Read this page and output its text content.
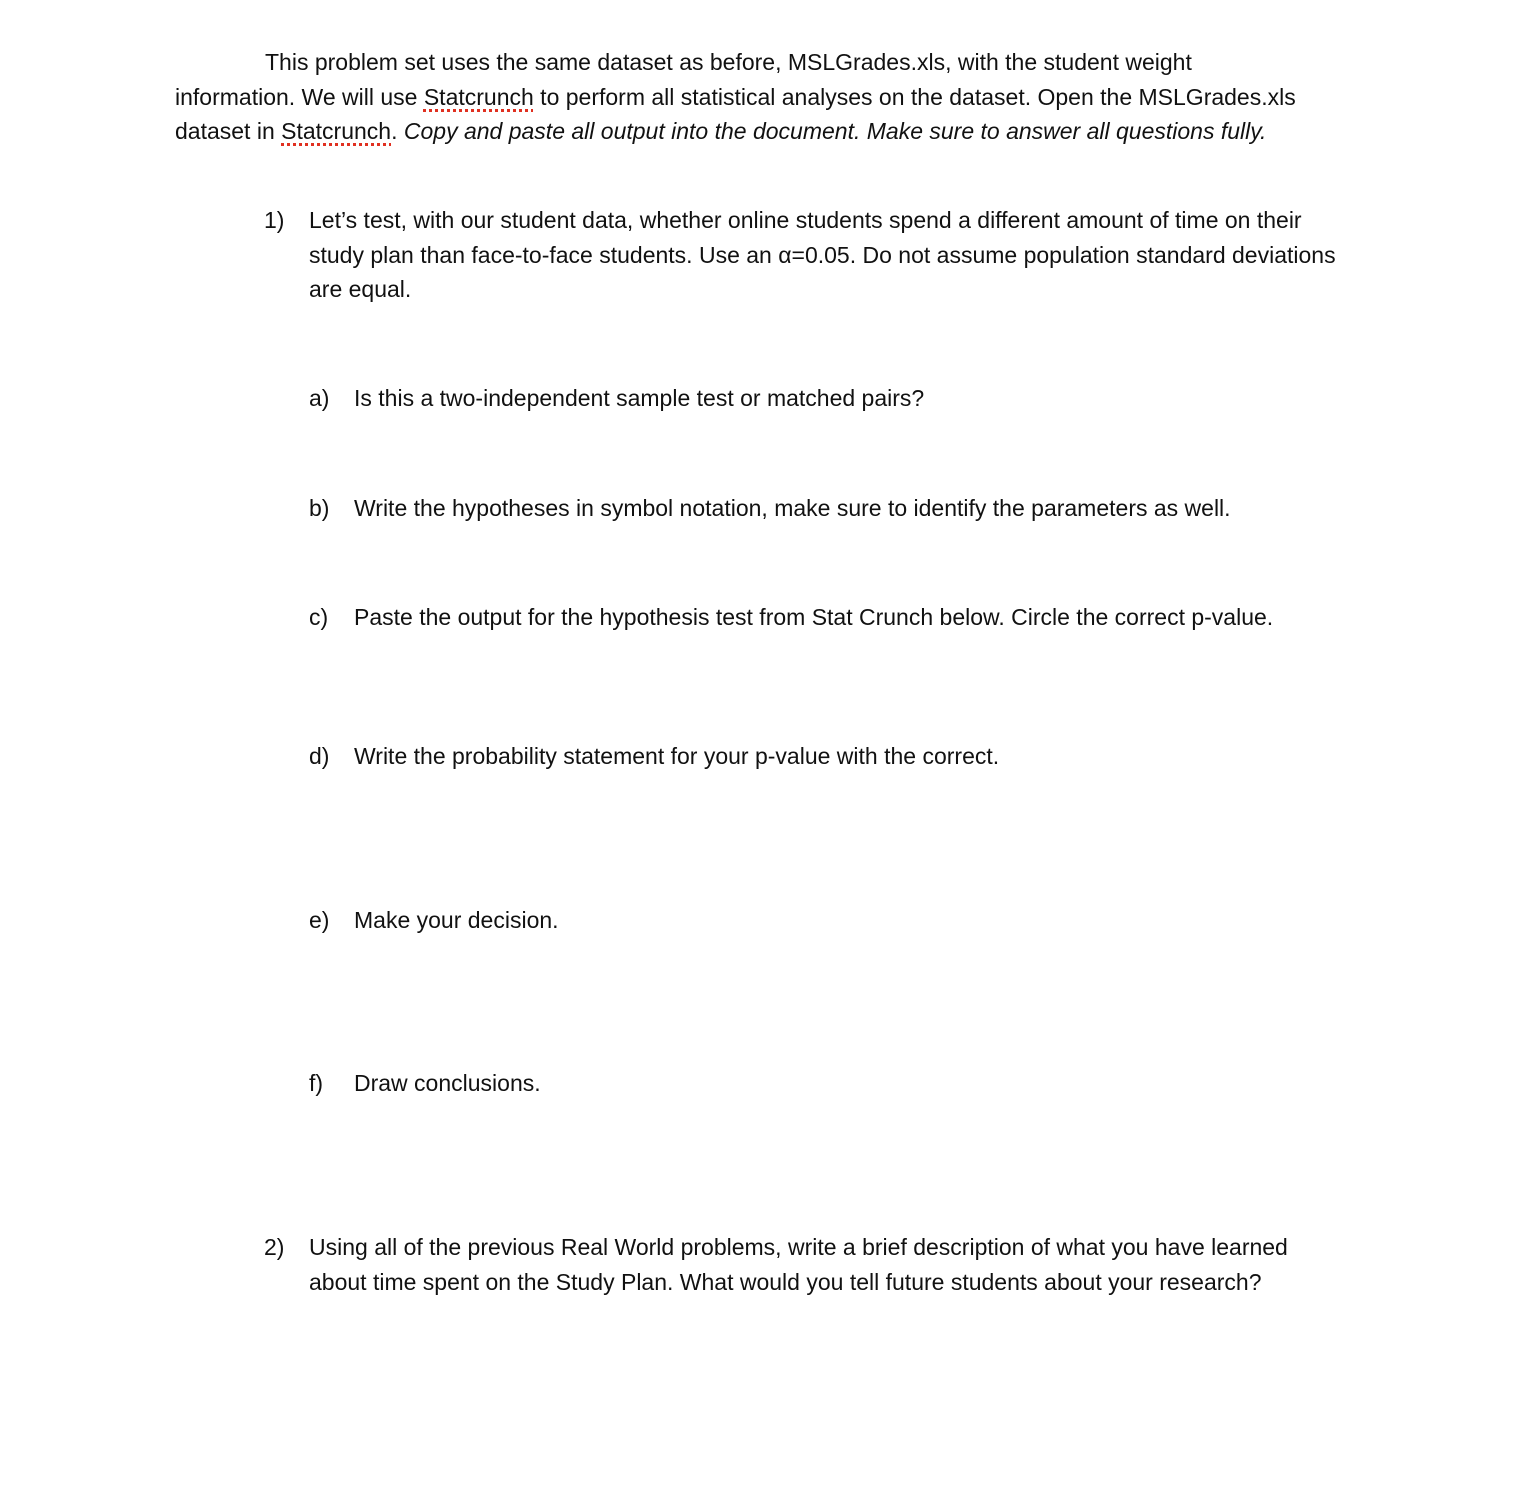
This problem set uses the same dataset as before, MSLGrades.xls, with the student weight information. We will use Statcrunch to perform all statistical analyses on the dataset. Open the MSLGrades.xls dataset in Statcrunch. Copy and paste all output into the document. Make sure to answer all questions fully.

1)	Let’s test, with our student data, whether online students spend a different amount of time on their study plan than face-to-face students. Use an α=0.05. Do not assume population standard deviations are equal.
a)	Is this a two-independent sample test or matched pairs?
b)	Write the hypotheses in symbol notation, make sure to identify the parameters as well.
c)	Paste the output for the hypothesis test from Stat Crunch below. Circle the correct p-value.
d)	Write the probability statement for your p-value with the correct.
e)	Make your decision.
f)	Draw conclusions.
2)	Using all of the previous Real World problems, write a brief description of what you have learned about time spent on the Study Plan. What would you tell future students about your research?
